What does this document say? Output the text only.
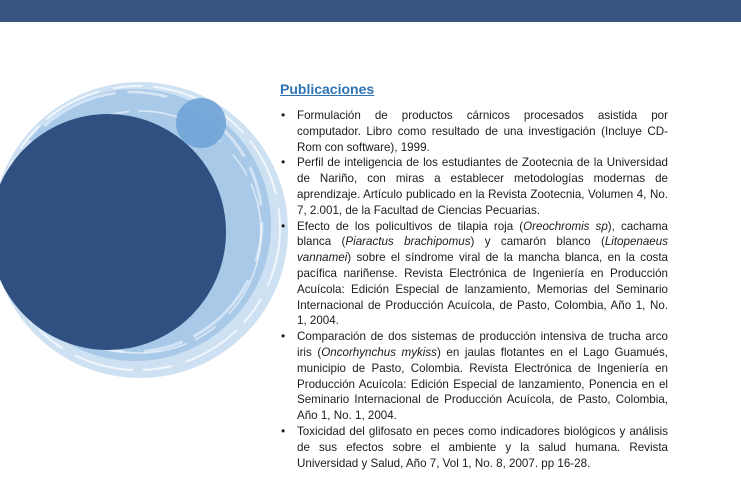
Publicaciones
• Formulación de productos cárnicos procesados asistida por computador. Libro como resultado de una investigación (Incluye CD-Rom con software), 1999.
• Perfil de inteligencia de los estudiantes de Zootecnia de la Universidad de Nariño, con miras a establecer metodologías modernas de aprendizaje. Artículo publicado en la Revista Zootecnia, Volumen 4, No. 7, 2.001, de la Facultad de Ciencias Pecuarias.
• Efecto de los policultivos de tilapia roja (Oreochromis sp), cachama blanca (Piaractus brachipomus) y camarón blanco (Litopenaeus vannamei) sobre el síndrome viral de la mancha blanca, en la costa pacífica nariñense. Revista Electrónica de Ingeniería en Producción Acuícola: Edición Especial de lanzamiento, Memorias del Seminario Internacional de Producción Acuícola, de Pasto, Colombia, Año 1, No. 1, 2004.
• Comparación de dos sistemas de producción intensiva de trucha arco iris (Oncorhynchus mykiss) en jaulas flotantes en el Lago Guamués, municipio de Pasto, Colombia. Revista Electrónica de Ingeniería en Producción Acuícola: Edición Especial de lanzamiento, Ponencia en el Seminario Internacional de Producción Acuícola, de Pasto, Colombia, Año 1, No. 1, 2004.
• Toxicidad del glifosato en peces como indicadores biológicos y análisis de sus efectos sobre el ambiente y la salud humana. Revista Universidad y Salud, Año 7, Vol 1, No. 8, 2007. pp 16-28.
